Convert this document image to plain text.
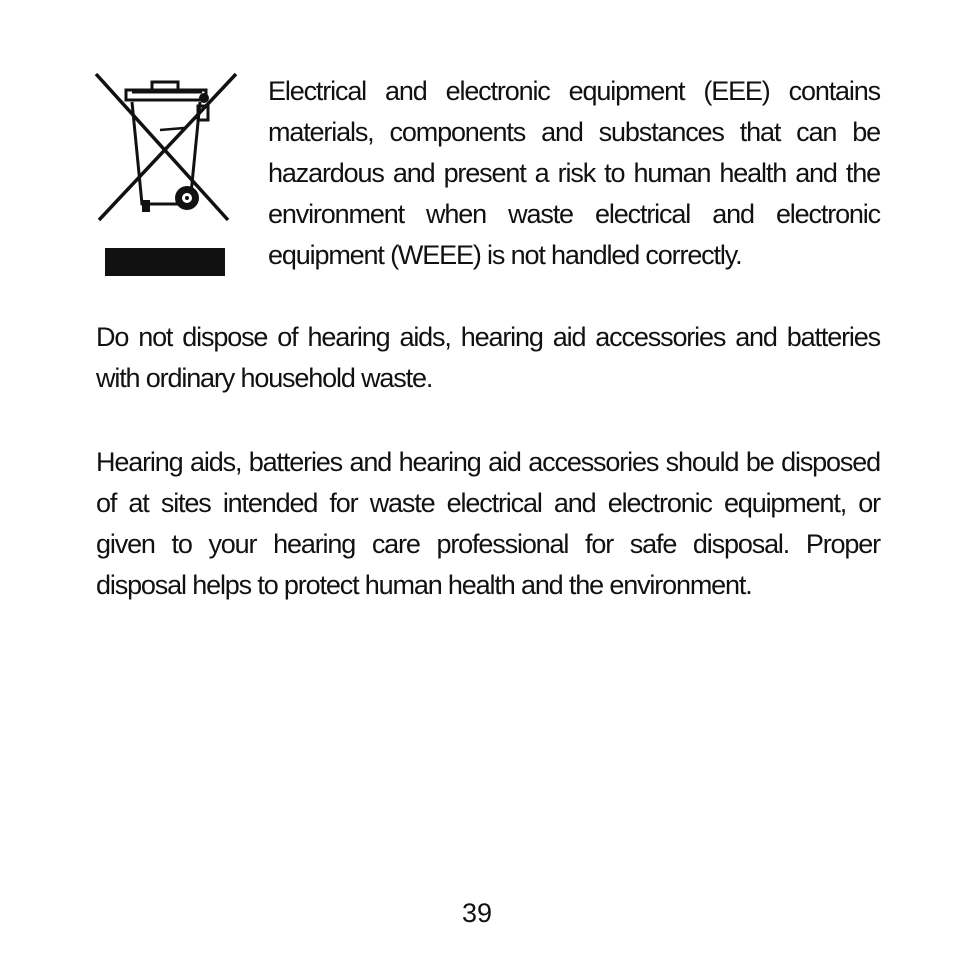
Electrical and electronic equipment (EEE) contains materials, components and substances that can be hazardous and present a risk to human health and the environment when waste electrical and electronic equipment (WEEE) is not handled correctly.

Do not dispose of hearing aids, hearing aid accessories and batteries with ordinary household waste.

Hearing aids, batteries and hearing aid accessories should be disposed of at sites intended for waste electrical and electronic equipment, or given to your hearing care professional for safe disposal. Proper disposal helps to protect human health and the environment.

39
